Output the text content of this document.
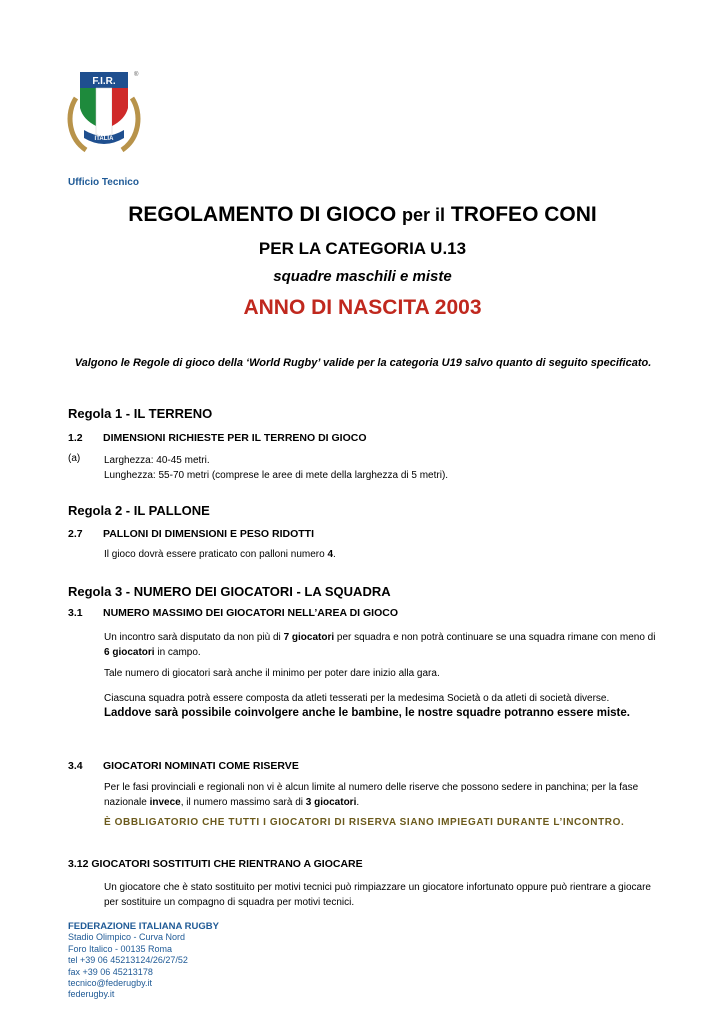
F.I.R.
ITALIA
®
Ufficio Tecnico
REGOLAMENTO DI GIOCO per il TROFEO CONI
PER LA CATEGORIA U.13
squadre maschili e miste
ANNO DI NASCITA 2003
Valgono le Regole di gioco della ‘World Rugby’ valide per la categoria U19 salvo quanto di seguito specificato.
Regola 1 - IL TERRENO
1.2 DIMENSIONI RICHIESTE PER IL TERRENO DI GIOCO
(a) Larghezza: 40-45 metri.
Lunghezza: 55-70 metri (comprese le aree di mete della larghezza di 5 metri).
Regola 2 - IL PALLONE
2.7 PALLONI DI DIMENSIONI E PESO RIDOTTI
Il gioco dovrà essere praticato con palloni numero 4.
Regola 3 - NUMERO DEI GIOCATORI - LA SQUADRA
3.1 NUMERO MASSIMO DEI GIOCATORI NELL’AREA DI GIOCO
Un incontro sarà disputato da non più di 7 giocatori per squadra e non potrà continuare se una squadra rimane con meno di 6 giocatori in campo.
Tale numero di giocatori sarà anche il minimo per poter dare inizio alla gara.
Ciascuna squadra potrà essere composta da atleti tesserati per la medesima Società o da atleti di società diverse. Laddove sarà possibile coinvolgere anche le bambine, le nostre squadre potranno essere miste.
3.4 GIOCATORI NOMINATI COME RISERVE
Per le fasi provinciali e regionali non vi è alcun limite al numero delle riserve che possono sedere in panchina; per la fase nazionale invece, il numero massimo sarà di 3 giocatori.
È OBBLIGATORIO CHE TUTTI I GIOCATORI DI RISERVA SIANO IMPIEGATI DURANTE L’INCONTRO.
3.12 GIOCATORI SOSTITUITI CHE RIENTRANO A GIOCARE
Un giocatore che è stato sostituito per motivi tecnici può rimpiazzare un giocatore infortunato oppure può rientrare a giocare per sostituire un compagno di squadra per motivi tecnici.
FEDERAZIONE ITALIANA RUGBY
Stadio Olimpico - Curva Nord
Foro Italico - 00135 Roma
tel +39 06 45213124/26/27/52
fax +39 06 45213178
tecnico@federugby.it
federugby.it
